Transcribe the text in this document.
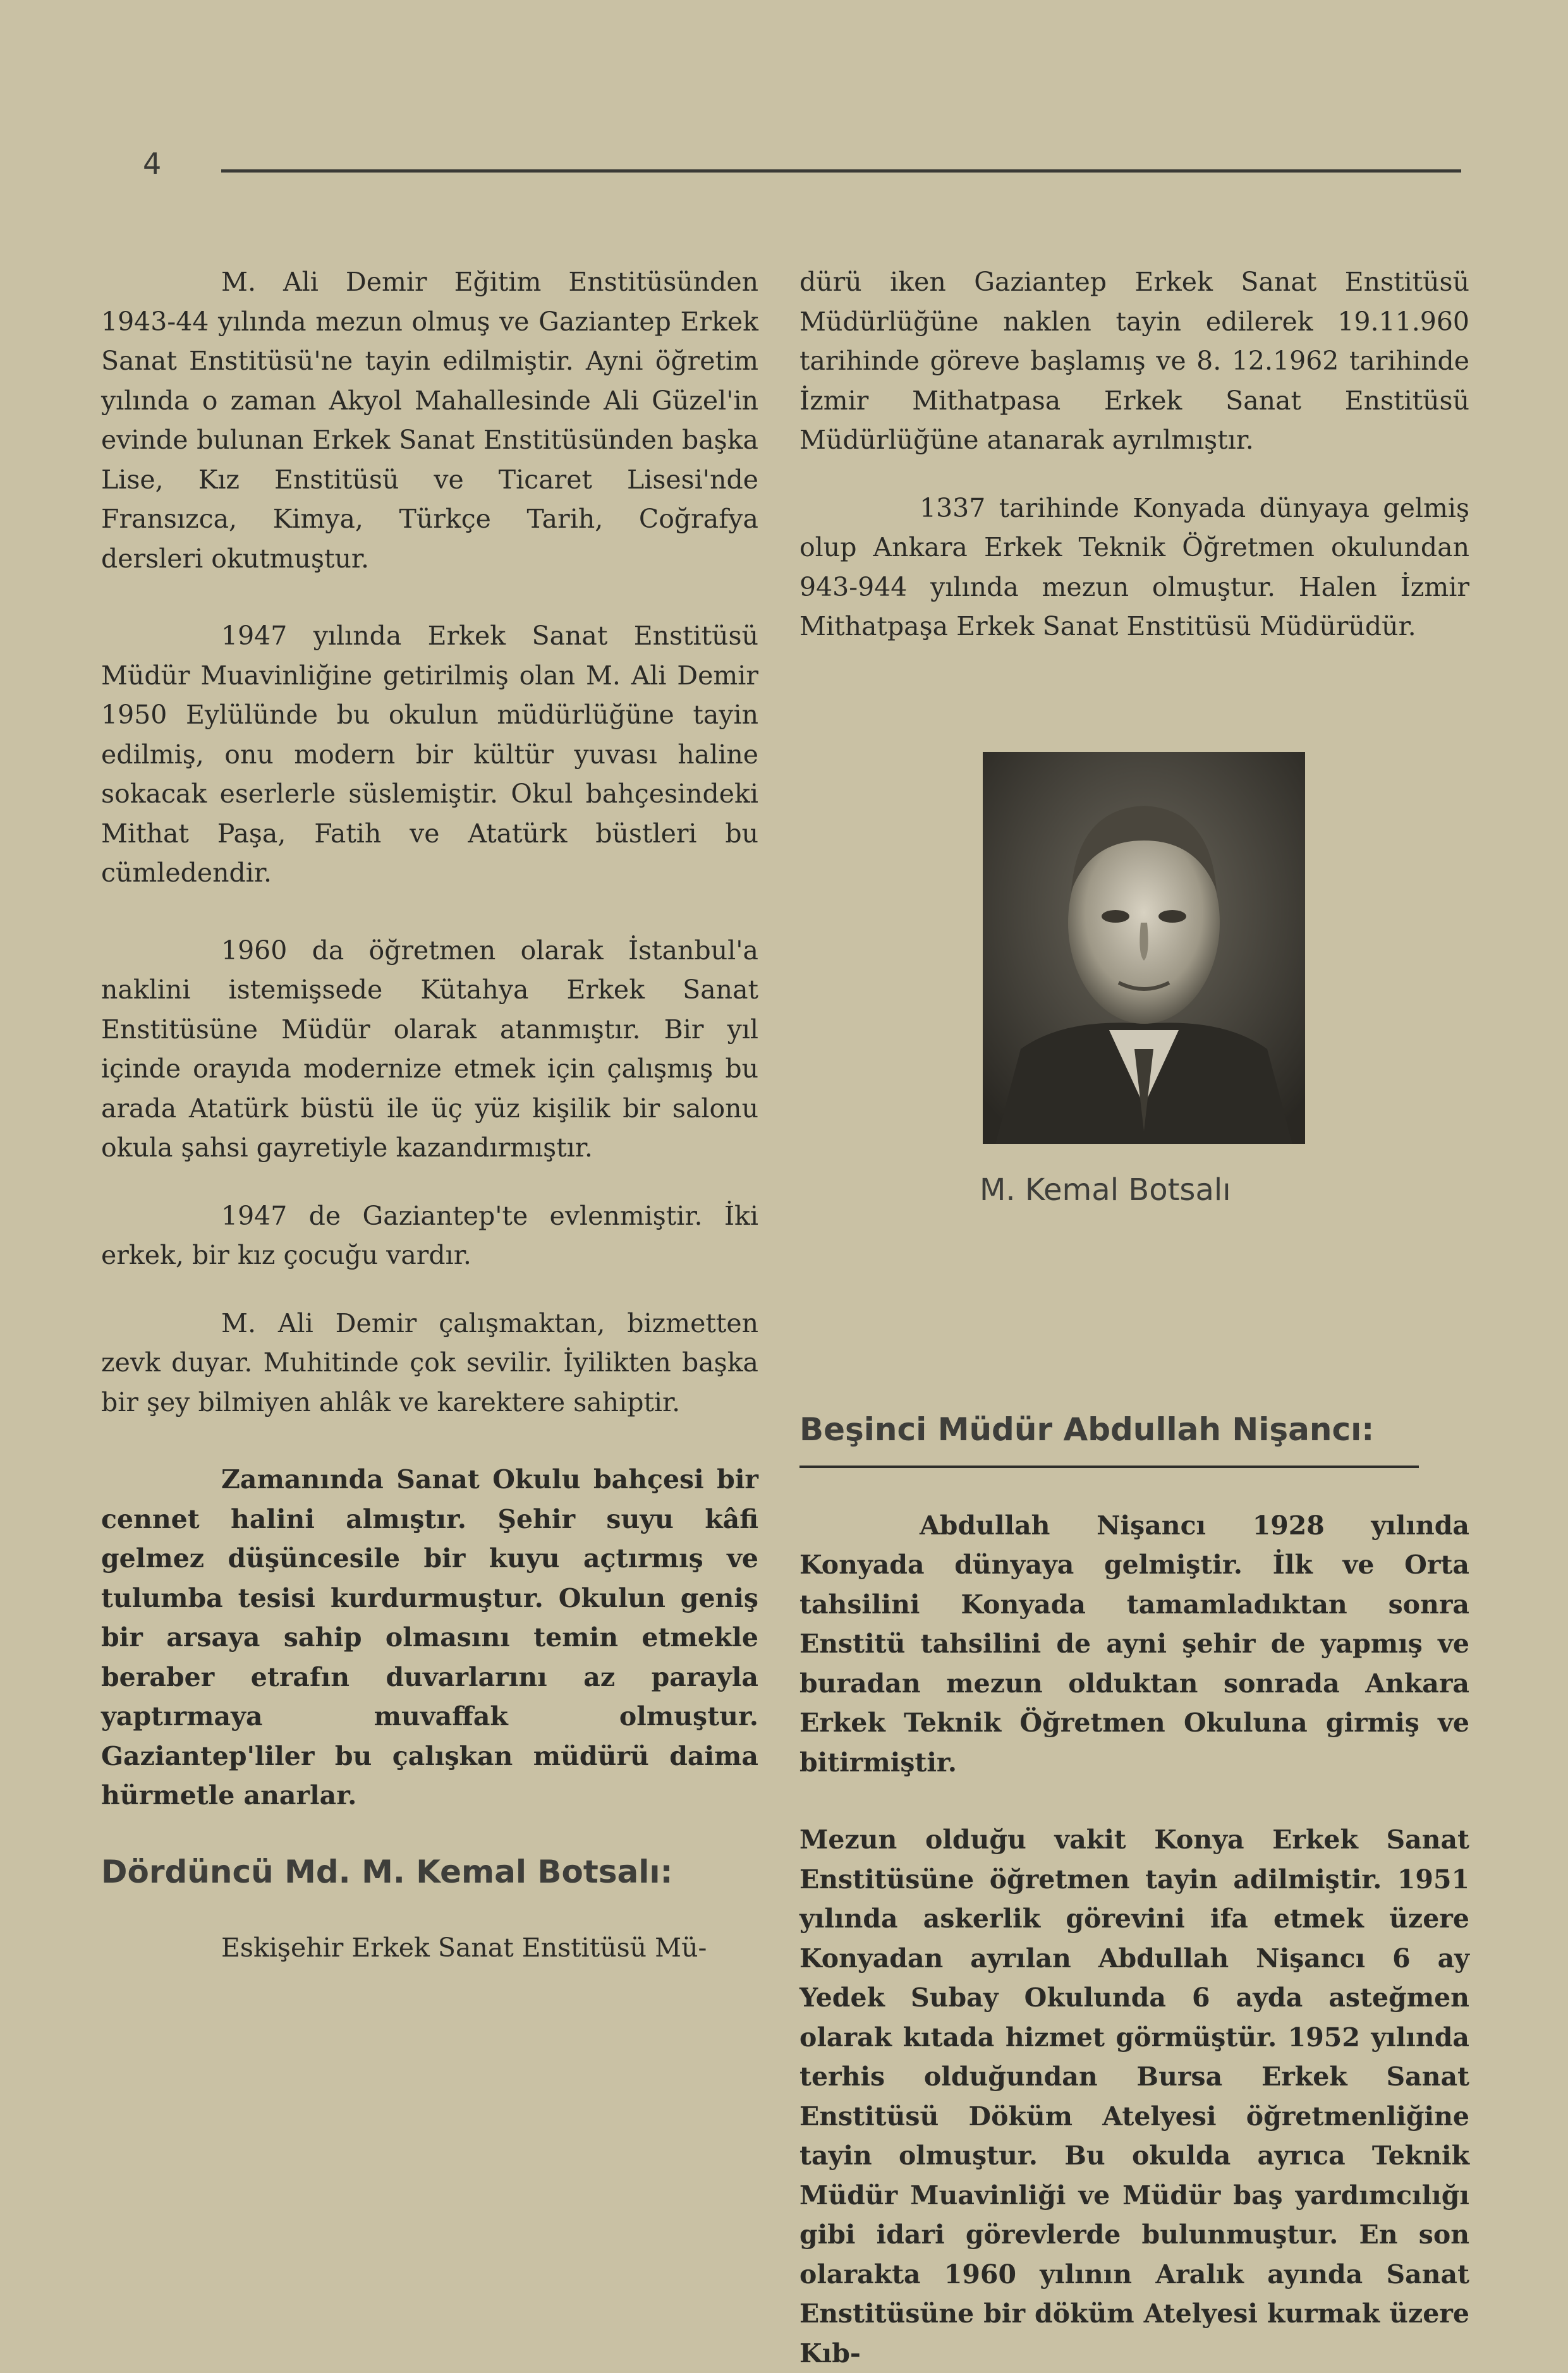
4

M. Ali Demir Eğitim Enstitüsünden 1943-44 yılında mezun olmuş ve Gaziantep Erkek Sanat Enstitüsü'ne tayin edilmiştir. Ayni öğretim yılında o zaman Akyol Mahallesinde Ali Güzel'in evinde bulunan Erkek Sanat Enstitüsünden başka Lise, Kız Enstitüsü ve Ticaret Lisesi'nde Fransızca, Kimya, Türkçe Tarih, Coğrafya dersleri okutmuştur.

1947 yılında Erkek Sanat Enstitüsü Müdür Muavinliğine getirilmiş olan M. Ali Demir 1950 Eylülünde bu okulun müdürlüğüne tayin edilmiş, onu modern bir kültür yuvası haline sokacak eserlerle süslemiştir. Okul bahçesindeki Mithat Paşa, Fatih ve Atatürk büstleri bu cümledendir.

1960 da öğretmen olarak İstanbul'a naklini istemişsede Kütahya Erkek Sanat Enstitüsüne Müdür olarak atanmıştır. Bir yıl içinde orayıda modernize etmek için çalışmış bu arada Atatürk büstü ile üç yüz kişilik bir salonu okula şahsi gayretiyle kazandırmıştır.

1947 de Gaziantep'te evlenmiştir. İki erkek, bir kız çocuğu vardır.

M. Ali Demir çalışmaktan, bizmetten zevk duyar. Muhitinde çok sevilir. İyilikten başka bir şey bilmiyen ahlâk ve karektere sahiptir.

Zamanında Sanat Okulu bahçesi bir cennet halini almıştır. Şehir suyu kâfi gelmez düşüncesile bir kuyu açtırmış ve tulumba tesisi kurdurmuştur. Okulun geniş bir arsaya sahip olmasını temin etmekle beraber etrafın duvarlarını az parayla yaptırmaya muvaffak olmuştur. Gaziantep'liler bu çalışkan müdürü daima hürmetle anarlar.

Dördüncü Md. M. Kemal Botsalı:

Eskişehir Erkek Sanat Enstitüsü Mü-

dürü iken Gaziantep Erkek Sanat Enstitüsü Müdürlüğüne naklen tayin edilerek 19.11.960 tarihinde göreve başlamış ve 8. 12.1962 tarihinde İzmir Mithatpasa Erkek Sanat Enstitüsü Müdürlüğüne atanarak ayrılmıştır.

1337 tarihinde Konyada dünyaya gelmiş olup Ankara Erkek Teknik Öğretmen okulundan 943-944 yılında mezun olmuştur. Halen İzmir Mithatpaşa Erkek Sanat Enstitüsü Müdürüdür.

Beşinci Müdür Abdullah Nişancı:

Abdullah Nişancı 1928 yılında Konyada dünyaya gelmiştir. İlk ve Orta tahsilini Konyada tamamladıktan sonra Enstitü tahsilini de ayni şehir de yapmış ve buradan mezun olduktan sonrada Ankara Erkek Teknik Öğretmen Okuluna girmiş ve bitirmiştir.

Mezun olduğu vakit Konya Erkek Sanat Enstitüsüne öğretmen tayin adilmiştir. 1951 yılında askerlik görevini ifa etmek üzere Konyadan ayrılan Abdullah Nişancı 6 ay Yedek Subay Okulunda 6 ayda asteğmen olarak kıtada hizmet görmüştür. 1952 yılında terhis olduğundan Bursa Erkek Sanat Enstitüsü Döküm Atelyesi öğretmenliğine tayin olmuştur. Bu okulda ayrıca Teknik Müdür Muavinliği ve Müdür baş yardımcılığı gibi idari görevlerde bulunmuştur. En son olarakta 1960 yılının Aralık ayında Sanat Enstitüsüne bir döküm Atelyesi kurmak üzere Kıb-

M. Kemal Botsalı
